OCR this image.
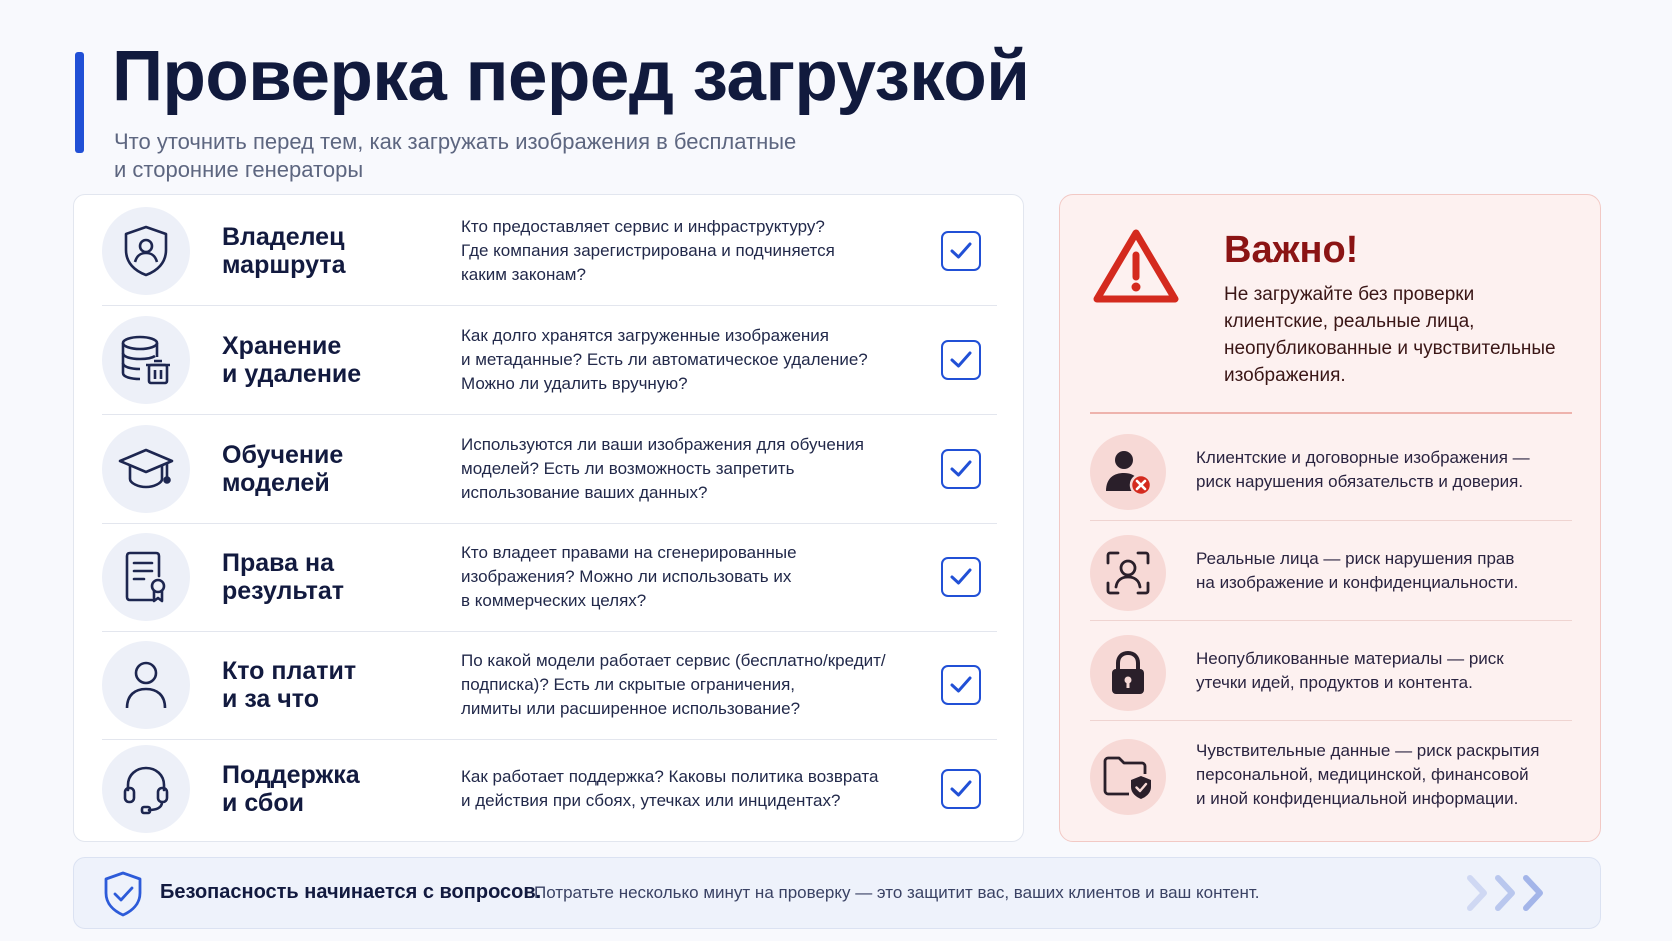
Проверка перед загрузкой
Что уточнить перед тем, как загружать изображения в бесплатные
и сторонние генераторы
Владелец
маршрута
Кто предоставляет сервис и инфраструктуру?
Где компания зарегистрирована и подчиняется
каким законам?
Хранение
и удаление
Как долго хранятся загруженные изображения
и метаданные? Есть ли автоматическое удаление?
Можно ли удалить вручную?
Обучение моделей
Используются ли ваши изображения для обучения
моделей? Есть ли возможность запретить
использование ваших данных?
Права на результат
Кто владеет правами на сгенерированные
изображения? Можно ли использовать их
в коммерческих целях?
Кто платит
и за что
По какой модели работает сервис (бесплатно/кредит/
подписка)? Есть ли скрытые ограничения,
лимиты или расширенное использование?
Поддержка
и сбои
Как работает поддержка? Каковы политика возврата
и действия при сбоях, утечках или инцидентах?
Важно!
Не загружайте без проверки
клиентские, реальные лица,
неопубликованные и чувствительные
изображения.
Клиентские и договорные изображения —
риск нарушения обязательств и доверия.
Реальные лица — риск нарушения прав
на изображение и конфиденциальности.
Неопубликованные материалы — риск
утечки идей, продуктов и контента.
Чувствительные данные — риск раскрытия
персональной, медицинской, финансовой
и иной конфиденциальной информации.
Безопасность начинается с вопросов.
Потратьте несколько минут на проверку — это защитит вас, ваших клиентов и ваш контент.
